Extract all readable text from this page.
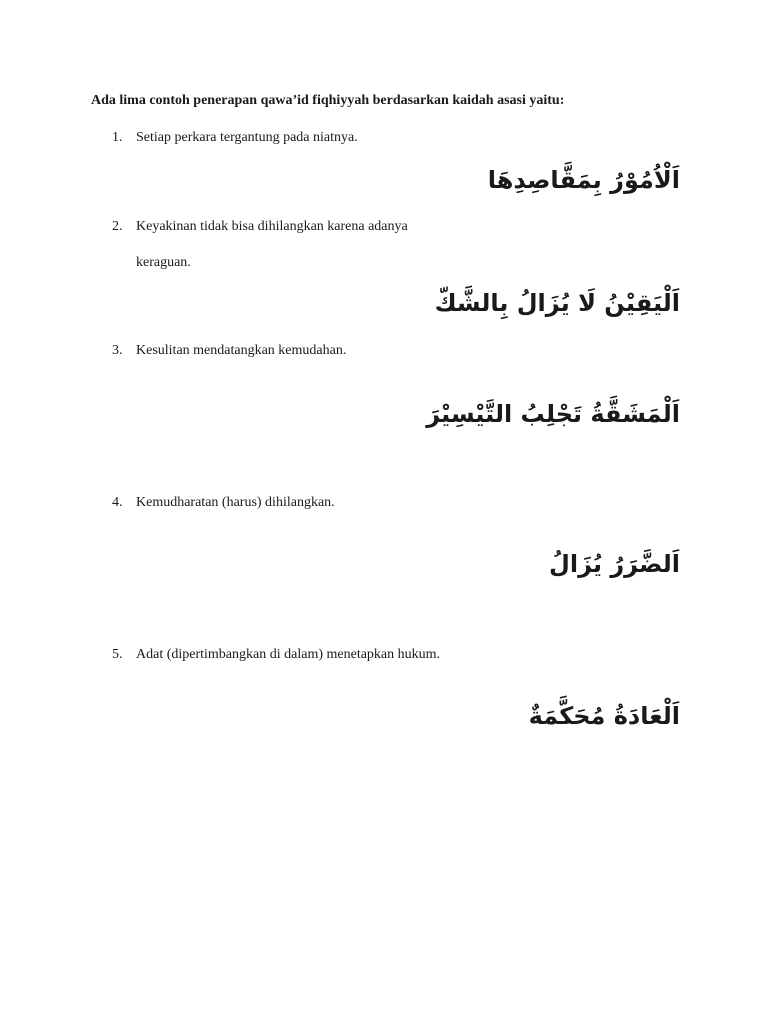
Ada lima contoh penerapan qawa’id fiqhiyyah berdasarkan kaidah asasi yaitu:
1. Setiap perkara tergantung pada niatnya.
اَلْاُمُوْرُ بِمَقَّاصِدِهَا
2. Keyakinan tidak bisa dihilangkan karena adanya
keraguan.
اَلْيَقِيْنُ لَا يُزَالُ بِالشَّكّ
3. Kesulitan mendatangkan kemudahan.
اَلْمَشَقَّةُ تَجْلِبُ التَّيْسِيْرَ
4. Kemudharatan (harus) dihilangkan.
اَلضَّرَرُ يُزَالُ
5. Adat (dipertimbangkan di dalam) menetapkan hukum.
اَلْعَادَةُ مُحَكَّمَةٌ
